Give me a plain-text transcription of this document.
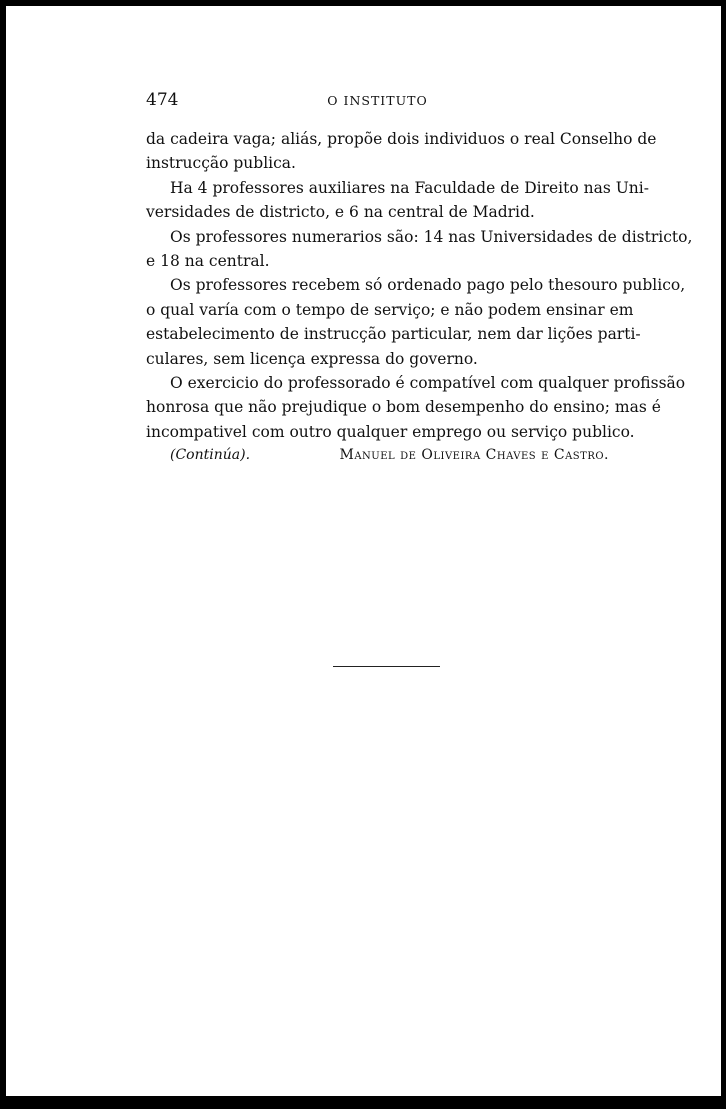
474	O INSTITUTO
da cadeira vaga; aliás, propõe dois individuos o real Conselho de
instrucção publica.
Ha 4 professores auxiliares na Faculdade de Direito nas Uni-
versidades de districto, e 6 na central de Madrid.
Os professores numerarios são: 14 nas Universidades de districto,
e 18 na central.
Os professores recebem só ordenado pago pelo thesouro publico,
o qual varía com o tempo de serviço; e não podem ensinar em
estabelecimento de instrucção particular, nem dar lições parti-
culares, sem licença expressa do governo.
O exercicio do professorado é compatível com qualquer profissão
honrosa que não prejudique o bom desempenho do ensino; mas é
incompativel com outro qualquer emprego ou serviço publico.
(Continúa).	Manuel de Oliveira Chaves e Castro.
